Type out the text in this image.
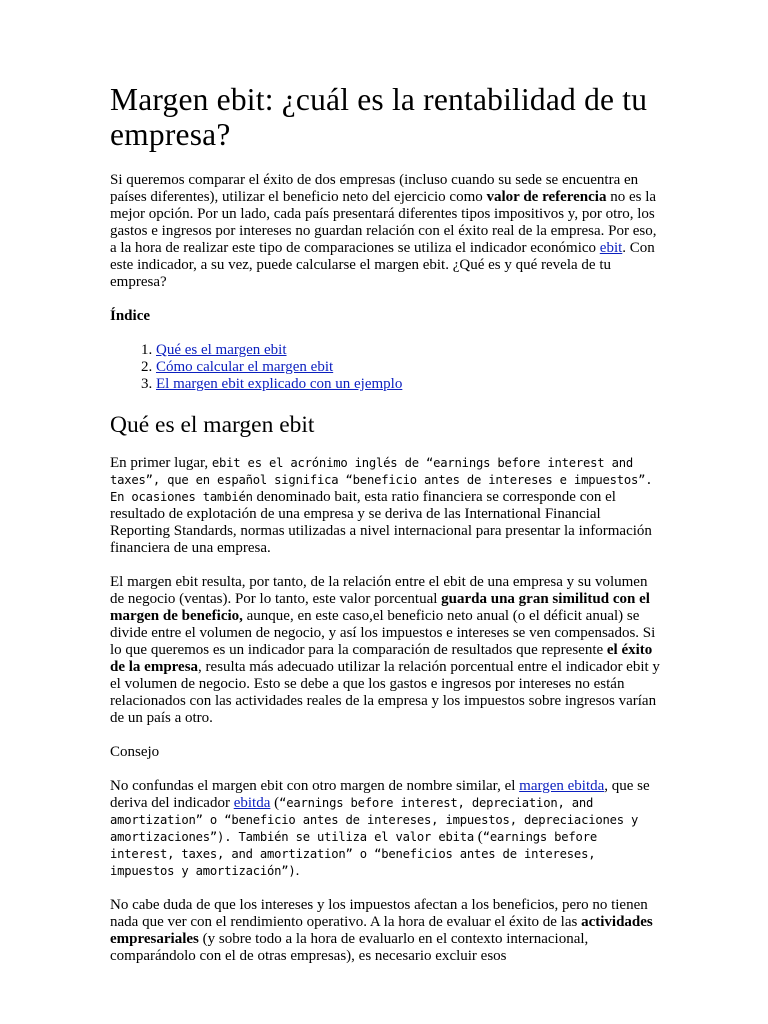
Margen ebit: ¿cuál es la rentabilidad de tu empresa?

Si queremos comparar el éxito de dos empresas (incluso cuando su sede se encuentra en países diferentes), utilizar el beneficio neto del ejercicio como valor de referencia no es la mejor opción. Por un lado, cada país presentará diferentes tipos impositivos y, por otro, los gastos e ingresos por intereses no guardan relación con el éxito real de la empresa. Por eso, a la hora de realizar este tipo de comparaciones se utiliza el indicador económico ebit. Con este indicador, a su vez, puede calcularse el margen ebit. ¿Qué es y qué revela de tu empresa?

Índice
1. Qué es el margen ebit
2. Cómo calcular el margen ebit
3. El margen ebit explicado con un ejemplo
Qué es el margen ebit

En primer lugar, ebit es el acrónimo inglés de “earnings before interest and taxes”, que en español significa “beneficio antes de intereses e impuestos”. En ocasiones también denominado bait, esta ratio financiera se corresponde con el resultado de explotación de una empresa y se deriva de las International Financial Reporting Standards, normas utilizadas a nivel internacional para presentar la información financiera de una empresa.

El margen ebit resulta, por tanto, de la relación entre el ebit de una empresa y su volumen de negocio (ventas). Por lo tanto, este valor porcentual guarda una gran similitud con el margen de beneficio, aunque, en este caso,el beneficio neto anual (o el déficit anual) se divide entre el volumen de negocio, y así los impuestos e intereses se ven compensados. Si lo que queremos es un indicador para la comparación de resultados que represente el éxito de la empresa, resulta más adecuado utilizar la relación porcentual entre el indicador ebit y el volumen de negocio. Esto se debe a que los gastos e ingresos por intereses no están relacionados con las actividades reales de la empresa y los impuestos sobre ingresos varían de un país a otro.

Consejo

No confundas el margen ebit con otro margen de nombre similar, el margen ebitda, que se deriva del indicador ebitda (“earnings before interest, depreciation, and amortization” o “beneficio antes de intereses, impuestos, depreciaciones y amortizaciones”). También se utiliza el valor ebita (“earnings before interest, taxes, and amortization” o “beneficios antes de intereses, impuestos y amortización”).

No cabe duda de que los intereses y los impuestos afectan a los beneficios, pero no tienen nada que ver con el rendimiento operativo. A la hora de evaluar el éxito de las actividades empresariales (y sobre todo a la hora de evaluarlo en el contexto internacional, comparándolo con el de otras empresas), es necesario excluir esos
